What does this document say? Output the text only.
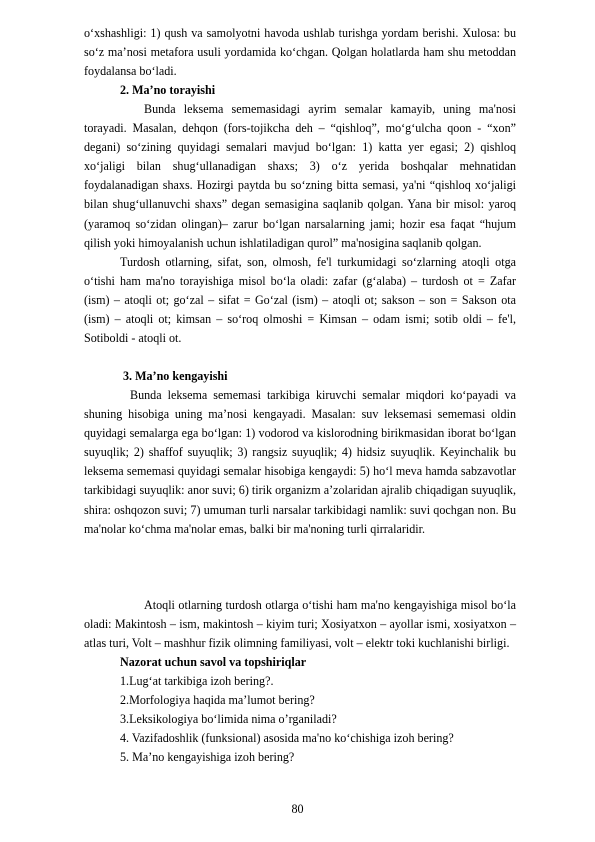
o‘xshashligi: 1) qush va samolyotni havoda ushlab turishga yordam berishi. Xulosa: bu so‘z ma’nosi metafora usuli yordamida ko‘chgan. Qolgan holatlarda ham shu metoddan foydalansa bo‘ladi.

2. Ma’no torayishi

Bunda leksema sememasidagi ayrim semalar kamayib, uning ma'nosi torayadi. Masalan, dehqon (fors-tojikcha deh – “qishloq”, mo‘g‘ulcha qoon - “xon” degani) so‘zining quyidagi semalari mavjud bo‘lgan: 1) katta yer egasi; 2) qishloq xo‘jaligi bilan shug‘ullanadigan shaxs; 3) o‘z yerida boshqalar mehnatidan foydalanadigan shaxs. Hozirgi paytda bu so‘zning bitta semasi, ya'ni “qishloq xo‘jaligi bilan shug‘ullanuvchi shaxs” degan semasigina saqlanib qolgan. Yana bir misol: yaroq (yaramoq so‘zidan olingan)– zarur bo‘lgan narsalarning jami; hozir esa faqat “hujum qilish yoki himoyalanish uchun ishlatiladigan qurol” ma'nosigina saqlanib qolgan.

Turdosh otlarning, sifat, son, olmosh, fe'l turkumidagi so‘zlarning atoqli otga o‘tishi ham ma'no torayishiga misol bo‘la oladi: zafar (g‘alaba) – turdosh ot = Zafar (ism) – atoqli ot; go‘zal – sifat = Go‘zal (ism) – atoqli ot; sakson – son = Sakson ota (ism) – atoqli ot; kimsan – so‘roq olmoshi = Kimsan – odam ismi; sotib oldi – fe'l, Sotiboldi - atoqli ot.

3. Ma’no kengayishi

Bunda leksema sememasi tarkibiga kiruvchi semalar miqdori ko‘payadi va shuning hisobiga uning ma’nosi kengayadi. Masalan: suv leksemasi sememasi oldin quyidagi semalarga ega bo‘lgan: 1) vodorod va kislorodning birikmasidan iborat bo‘lgan suyuqlik; 2) shaffof suyuqlik; 3) rangsiz suyuqlik; 4) hidsiz suyuqlik. Keyinchalik bu leksema sememasi quyidagi semalar hisobiga kengaydi: 5) ho‘l meva hamda sabzavotlar tarkibidagi suyuqlik: anor suvi; 6) tirik organizm a’zolaridan ajralib chiqadigan suyuqlik, shira: oshqozon suvi; 7) umuman turli narsalar tarkibidagi namlik: suvi qochgan non. Bu ma'nolar ko‘chma ma'nolar emas, balki bir ma'noning turli qirralaridir.

Atoqli otlarning turdosh otlarga o‘tishi ham ma'no kengayishiga misol bo‘la oladi: Makintosh – ism, makintosh – kiyim turi; Xosiyatxon – ayollar ismi, xosiyatxon – atlas turi, Volt – mashhur fizik olimning familiyasi, volt – elektr toki kuchlanishi birligi.

Nazorat uchun savol va topshiriqlar

1.Lug‘at tarkibiga izoh bering?.

2.Morfologiya haqida ma’lumot bering?

3.Leksikologiya bo‘limida nima o’rganiladi?

4. Vazifadoshlik (funksional) asosida ma'no ko‘chishiga izoh bering?

5. Ma’no kengayishiga izoh bering?

80
